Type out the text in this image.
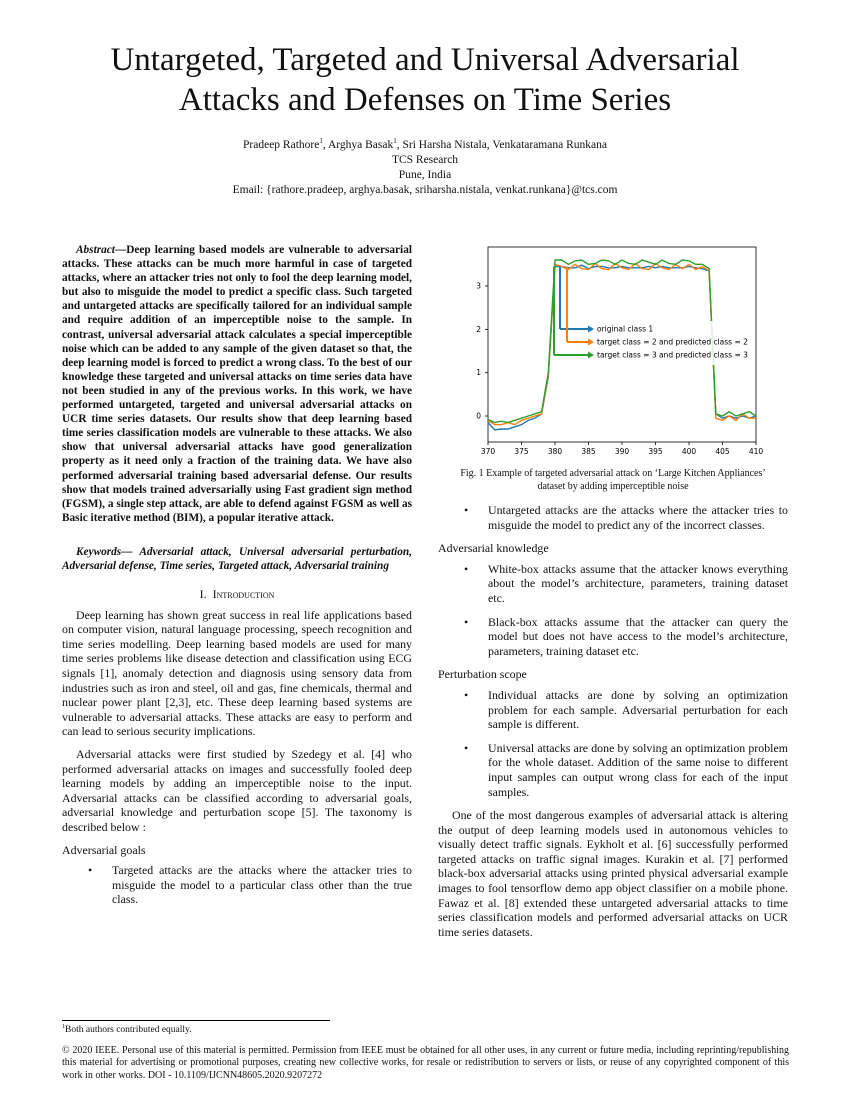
Untargeted, Targeted and Universal Adversarial
Attacks and Defenses on Time Series
Pradeep Rathore$^1$, Arghya Basak$^1$, Sri Harsha Nistala, Venkataramana Runkana
TCS Research
Pune, India
Email: {rathore.pradeep, arghya.basak, sriharsha.nistala, venkat.runkana}@tcs.com

Abstract—Deep learning based models are vulnerable to adversarial attacks. These attacks can be much more harmful in case of targeted attacks, where an attacker tries not only to fool the deep learning model, but also to misguide the model to predict a specific class. Such targeted and untargeted attacks are specifically tailored for an individual sample and require addition of an imperceptible noise to the sample. In contrast, universal adversarial attack calculates a special imperceptible noise which can be added to any sample of the given dataset so that, the deep learning model is forced to predict a wrong class. To the best of our knowledge these targeted and universal attacks on time series data have not been studied in any of the previous works. In this work, we have performed untargeted, targeted and universal adversarial attacks on UCR time series datasets. Our results show that deep learning based time series classification models are vulnerable to these attacks. We also show that universal adversarial attacks have good generalization property as it need only a fraction of the training data. We have also performed adversarial training based adversarial defense. Our results show that models trained adversarially using Fast gradient sign method (FGSM), a single step attack, are able to defend against FGSM as well as Basic iterative method (BIM), a popular iterative attack.

Keywords— Adversarial attack, Universal adversarial perturbation, Adversarial defense, Time series, Targeted attack, Adversarial training

I. Introduction

Deep learning has shown great success in real life applications based on computer vision, natural language processing, speech recognition and time series modelling. Deep learning based models are used for many time series problems like disease detection and classification using ECG signals [1], anomaly detection and diagnosis using sensory data from industries such as iron and steel, oil and gas, fine chemicals, thermal and nuclear power plant [2,3], etc. These deep learning based systems are vulnerable to adversarial attacks. These attacks are easy to perform and can lead to serious security implications.

Adversarial attacks were first studied by Szedegy et al. [4] who performed adversarial attacks on images and successfully fooled deep learning models by adding an imperceptible noise to the input. Adversarial attacks can be classified according to adversarial goals, adversarial knowledge and perturbation scope [5]. The taxonomy is described below :

Adversarial goals
• Targeted attacks are the attacks where the attacker tries to misguide the model to a particular class other than the true class.
370	375	380	385	390	395	400	405	410
0
1
2
3
original class 1
target class = 2 and predicted class = 2
target class = 3 and predicted class = 3
Fig. 1 Example of targeted adversarial attack on ‘Large Kitchen Appliances’
dataset by adding imperceptible noise
• Untargeted attacks are the attacks where the attacker tries to misguide the model to predict any of the incorrect classes.
Adversarial knowledge
• White-box attacks assume that the attacker knows everything about the model’s architecture, parameters, training dataset etc.
• Black-box attacks assume that the attacker can query the model but does not have access to the model’s architecture, parameters, training dataset etc.
Perturbation scope
• Individual attacks are done by solving an optimization problem for each sample. Adversarial perturbation for each sample is different.
• Universal attacks are done by solving an optimization problem for the whole dataset. Addition of the same noise to different input samples can output wrong class for each of the input samples.

One of the most dangerous examples of adversarial attack is altering the output of deep learning models used in autonomous vehicles to visually detect traffic signals. Eykholt et al. [6] successfully performed targeted attacks on traffic signal images. Kurakin et al. [7] performed black-box adversarial attacks using printed physical adversarial example images to fool tensorflow demo app object classifier on a mobile phone. Fawaz et al. [8] extended these untargeted adversarial attacks to time series classification models and performed adversarial attacks on UCR time series datasets.

$^1$Both authors contributed equally.
© 2020 IEEE. Personal use of this material is permitted. Permission from IEEE must be obtained for all other uses, in any current or future media, including reprinting/republishing this material for advertising or promotional purposes, creating new collective works, for resale or redistribution to servers or lists, or reuse of any copyrighted component of this work in other works. DOI - 10.1109/IJCNN48605.2020.9207272
